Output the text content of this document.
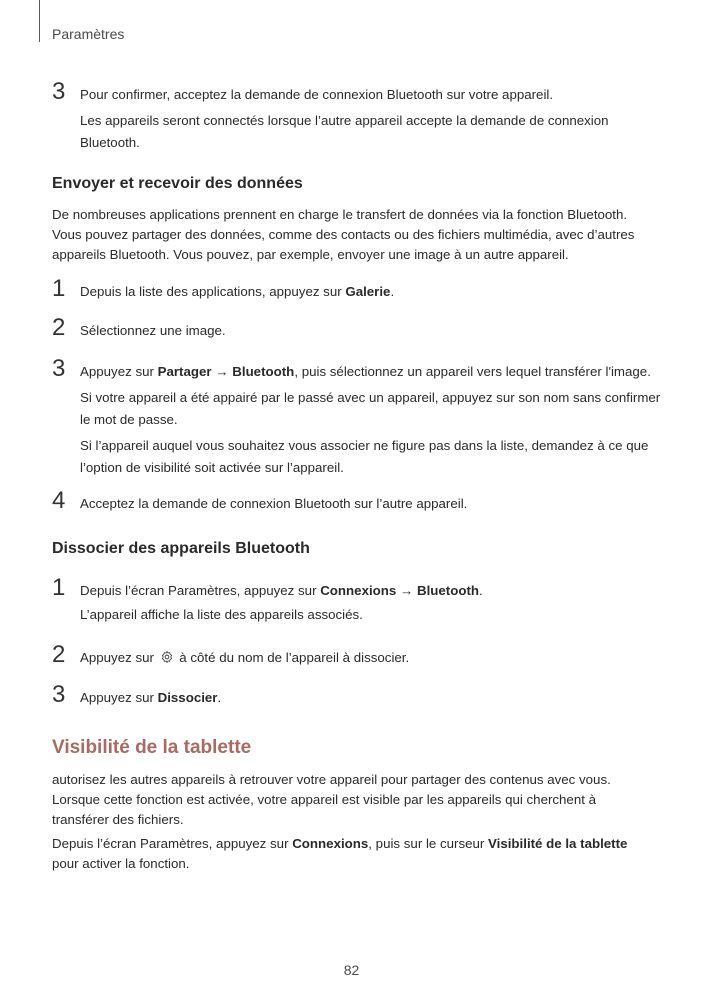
Paramètres
3 Pour confirmer, acceptez la demande de connexion Bluetooth sur votre appareil.
Les appareils seront connectés lorsque l’autre appareil accepte la demande de connexion Bluetooth.
Envoyer et recevoir des données
De nombreuses applications prennent en charge le transfert de données via la fonction Bluetooth. Vous pouvez partager des données, comme des contacts ou des fichiers multimédia, avec d’autres appareils Bluetooth. Vous pouvez, par exemple, envoyer une image à un autre appareil.
1 Depuis la liste des applications, appuyez sur Galerie.
2 Sélectionnez une image.
3 Appuyez sur Partager → Bluetooth, puis sélectionnez un appareil vers lequel transférer l'image.
Si votre appareil a été appairé par le passé avec un appareil, appuyez sur son nom sans confirmer le mot de passe.
Si l’appareil auquel vous souhaitez vous associer ne figure pas dans la liste, demandez à ce que l’option de visibilité soit activée sur l’appareil.
4 Acceptez la demande de connexion Bluetooth sur l’autre appareil.
Dissocier des appareils Bluetooth
1 Depuis l’écran Paramètres, appuyez sur Connexions → Bluetooth.
L’appareil affiche la liste des appareils associés.
2 Appuyez sur  à côté du nom de l’appareil à dissocier.
3 Appuyez sur Dissocier.
Visibilité de la tablette
autorisez les autres appareils à retrouver votre appareil pour partager des contenus avec vous. Lorsque cette fonction est activée, votre appareil est visible par les appareils qui cherchent à transférer des fichiers.
Depuis l’écran Paramètres, appuyez sur Connexions, puis sur le curseur Visibilité de la tablette pour activer la fonction.
82
